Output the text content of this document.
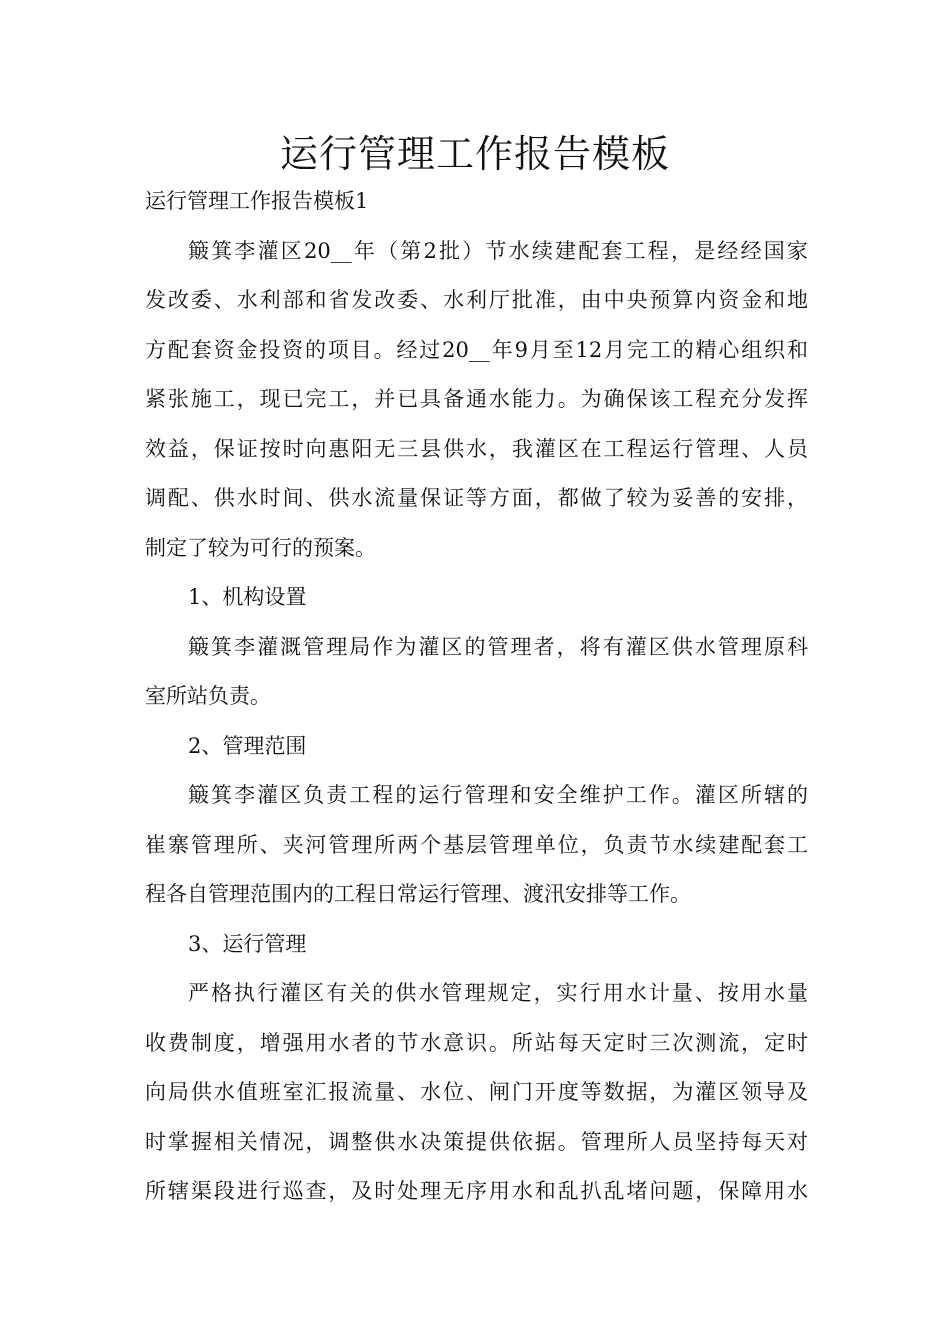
运行管理工作报告模板
运行管理工作报告模板1
簸箕李灌区20__年（第2批）节水续建配套工程，是经经国家
发改委、水利部和省发改委、水利厅批准，由中央预算内资金和地
方配套资金投资的项目。经过20__年9月至12月完工的精心组织和
紧张施工，现已完工，并已具备通水能力。为确保该工程充分发挥
效益，保证按时向惠阳无三县供水，我灌区在工程运行管理、人员
调配、供水时间、供水流量保证等方面，都做了较为妥善的安排，
制定了较为可行的预案。
1、机构设置
簸箕李灌溉管理局作为灌区的管理者，将有灌区供水管理原科
室所站负责。
2、管理范围
簸箕李灌区负责工程的运行管理和安全维护工作。灌区所辖的
崔寨管理所、夹河管理所两个基层管理单位，负责节水续建配套工
程各自管理范围内的工程日常运行管理、渡汛安排等工作。
3、运行管理
严格执行灌区有关的供水管理规定，实行用水计量、按用水量
收费制度，增强用水者的节水意识。所站每天定时三次测流，定时
向局供水值班室汇报流量、水位、闸门开度等数据，为灌区领导及
时掌握相关情况，调整供水决策提供依据。管理所人员坚持每天对
所辖渠段进行巡查，及时处理无序用水和乱扒乱堵问题，保障用水
